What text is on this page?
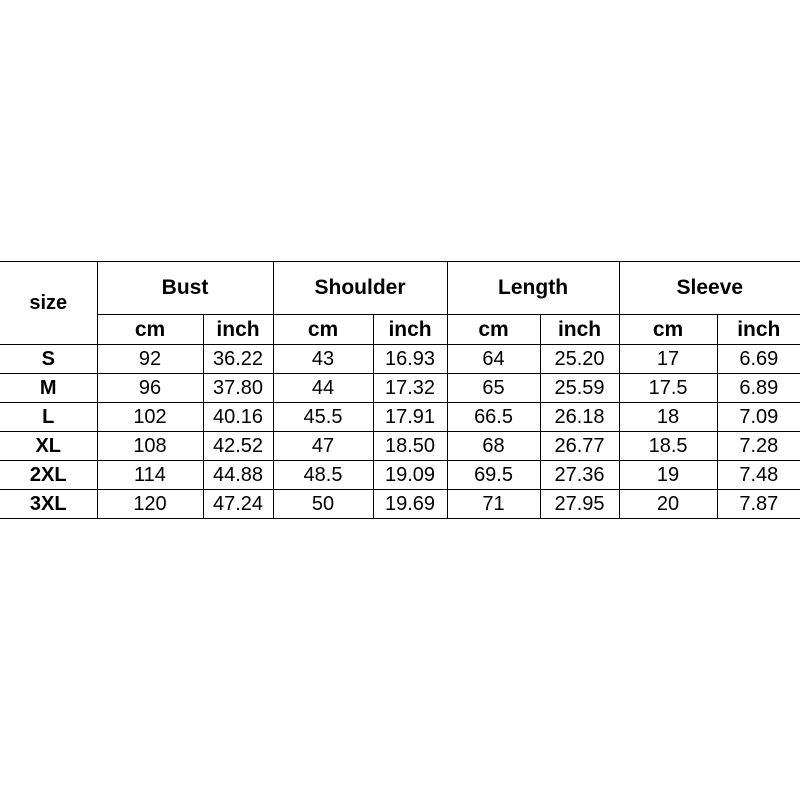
size	Bust		Shoulder		Length		Sleeve	
	cm	inch	cm	inch	cm	inch	cm	inch
S	92	36.22	43	16.93	64	25.20	17	6.69
M	96	37.80	44	17.32	65	25.59	17.5	6.89
L	102	40.16	45.5	17.91	66.5	26.18	18	7.09
XL	108	42.52	47	18.50	68	26.77	18.5	7.28
2XL	114	44.88	48.5	19.09	69.5	27.36	19	7.48
3XL	120	47.24	50	19.69	71	27.95	20	7.87
